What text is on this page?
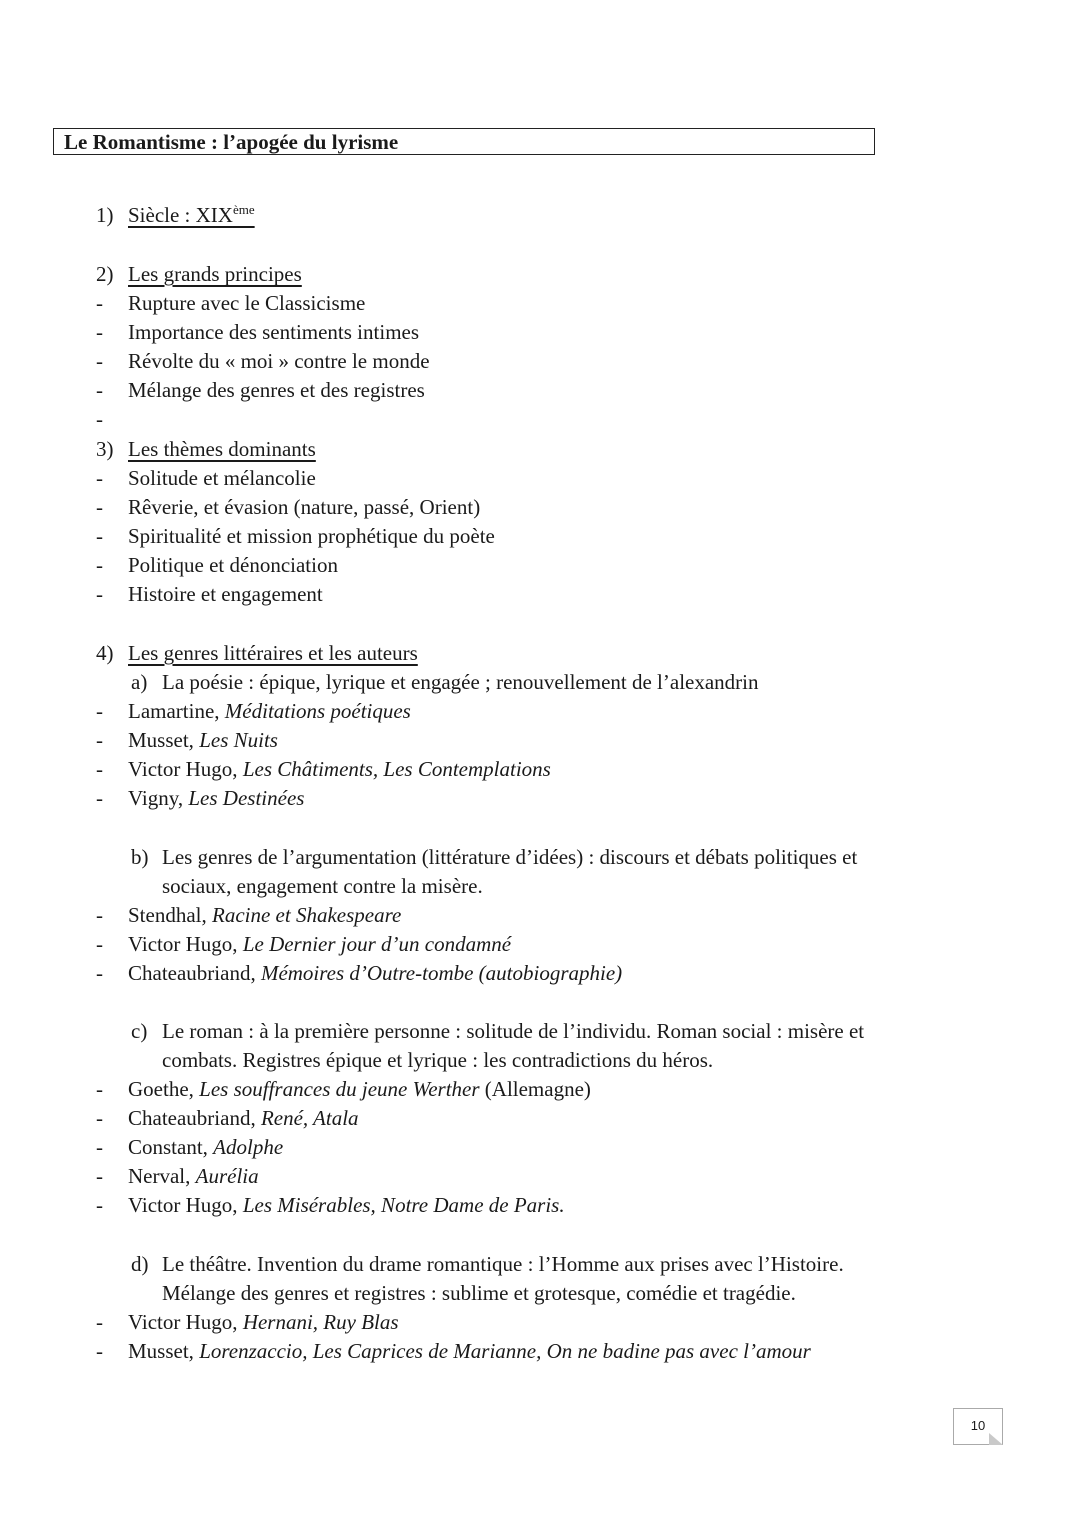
Le Romantisme : l’apogée du lyrisme
1) Siècle : XIXème
2) Les grands principes
- Rupture avec le Classicisme
- Importance des sentiments intimes
- Révolte du « moi » contre le monde
- Mélange des genres et des registres
-
3) Les thèmes dominants
- Solitude et mélancolie
- Rêverie, et évasion (nature, passé, Orient)
- Spiritualité et mission prophétique du poète
- Politique et dénonciation
- Histoire et engagement
4) Les genres littéraires et les auteurs
a) La poésie : épique, lyrique et engagée ; renouvellement de l’alexandrin
- Lamartine, Méditations poétiques
- Musset, Les Nuits
- Victor Hugo, Les Châtiments, Les Contemplations
- Vigny, Les Destinées
b) Les genres de l’argumentation (littérature d’idées) : discours et débats politiques et
sociaux, engagement contre la misère.
- Stendhal, Racine et Shakespeare
- Victor Hugo, Le Dernier jour d’un condamné
- Chateaubriand, Mémoires d’Outre-tombe (autobiographie)
c) Le roman : à la première personne : solitude de l’individu. Roman social : misère et
combats. Registres épique et lyrique : les contradictions du héros.
- Goethe, Les souffrances du jeune Werther (Allemagne)
- Chateaubriand, René, Atala
- Constant, Adolphe
- Nerval, Aurélia
- Victor Hugo, Les Misérables, Notre Dame de Paris.
d) Le théâtre. Invention du drame romantique : l’Homme aux prises avec l’Histoire.
Mélange des genres et registres : sublime et grotesque, comédie et tragédie.
- Victor Hugo, Hernani, Ruy Blas
- Musset, Lorenzaccio, Les Caprices de Marianne, On ne badine pas avec l’amour
10
